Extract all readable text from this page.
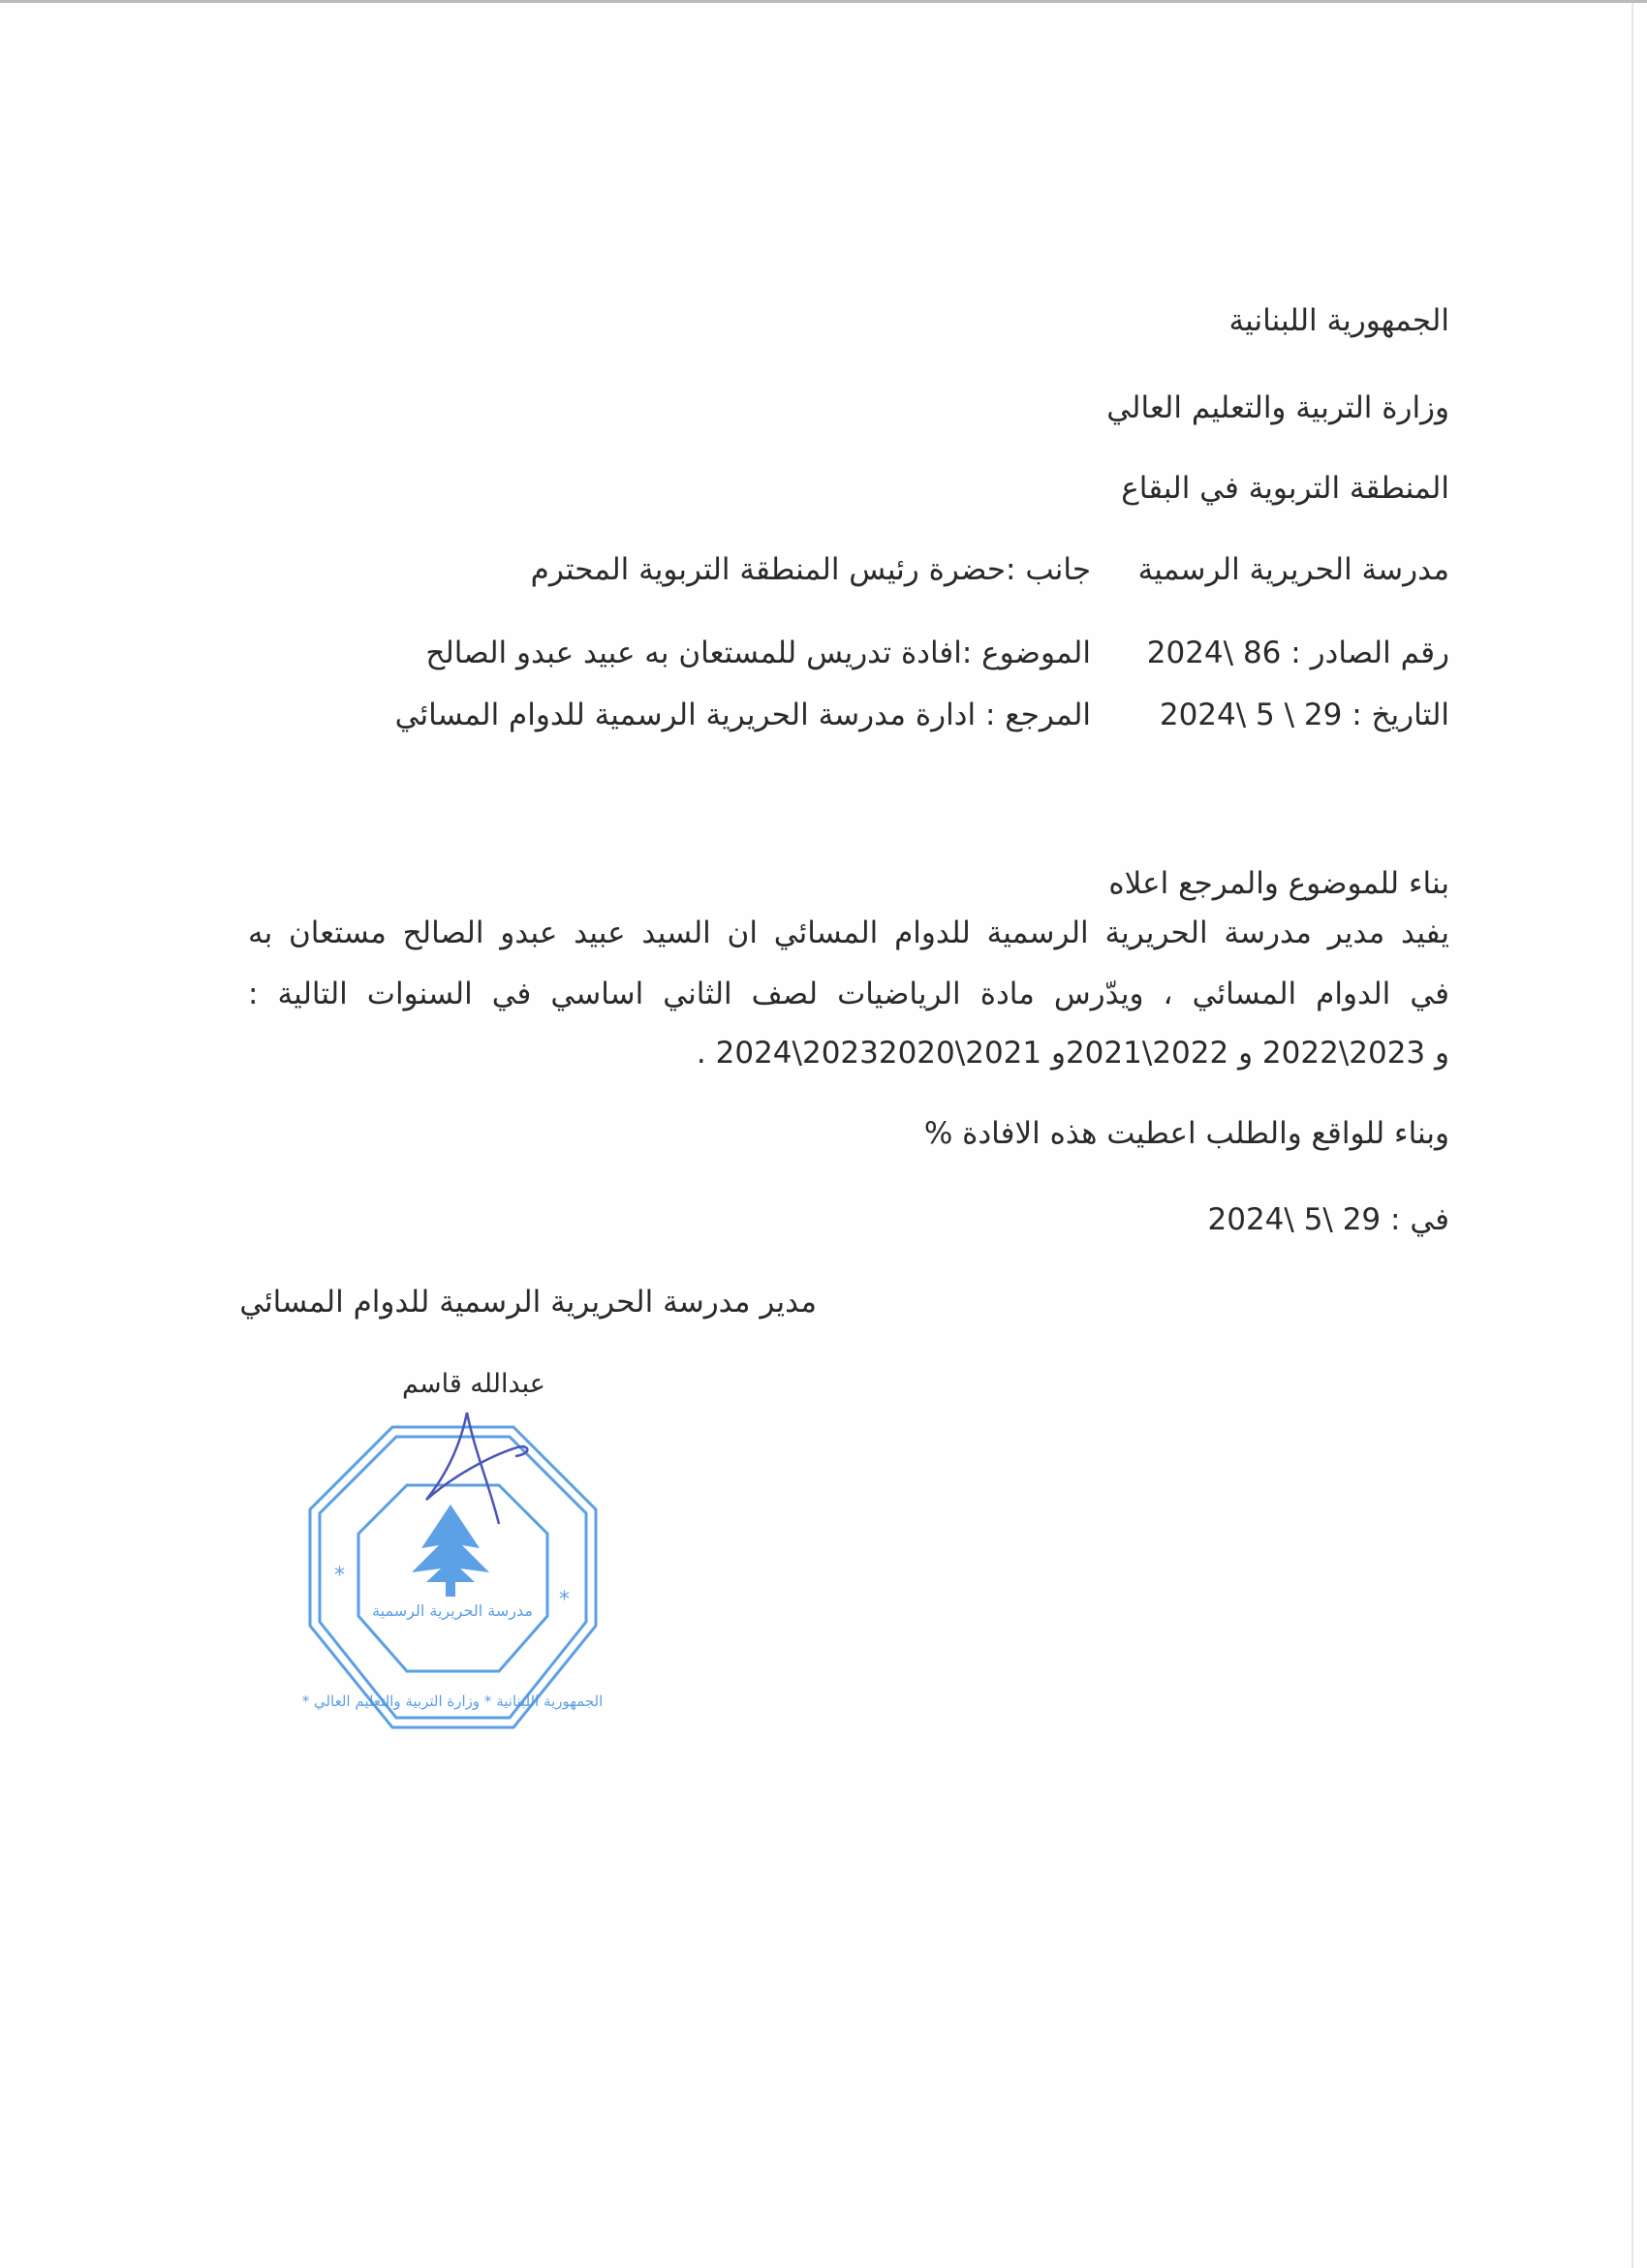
الجمهورية اللبنانية
وزارة التربية والتعليم العالي
المنطقة التربوية في البقاع
مدرسة الحريرية الرسمية
جانب :حضرة رئيس المنطقة التربوية المحترم
رقم الصادر : 2024\ 86
الموضوع :افادة تدريس للمستعان به عبيد عبدو الصالح
التاريخ : 2024\ 5 \ 29
المرجع : ادارة مدرسة الحريرية الرسمية للدوام المسائي
بناء للموضوع والمرجع اعلاه
يفيد مدير مدرسة الحريرية الرسمية للدوام المسائي ان السيد عبيد عبدو الصالح مستعان به
في الدوام المسائي ، ويدّرس مادة الرياضيات لصف الثاني اساسي في السنوات التالية :
. 2024\2023و 2023\2022 و 2022\2021و 2021\2020
وبناء للواقع والطلب اعطيت هذه الافادة %
في : 2024\ 5\ 29
مدير مدرسة الحريرية الرسمية للدوام المسائي
عبدالله قاسم
مدرسة الحريرية الرسمية
*
*
الجمهورية اللبنانية * وزارة التربية والتعليم العالي *
